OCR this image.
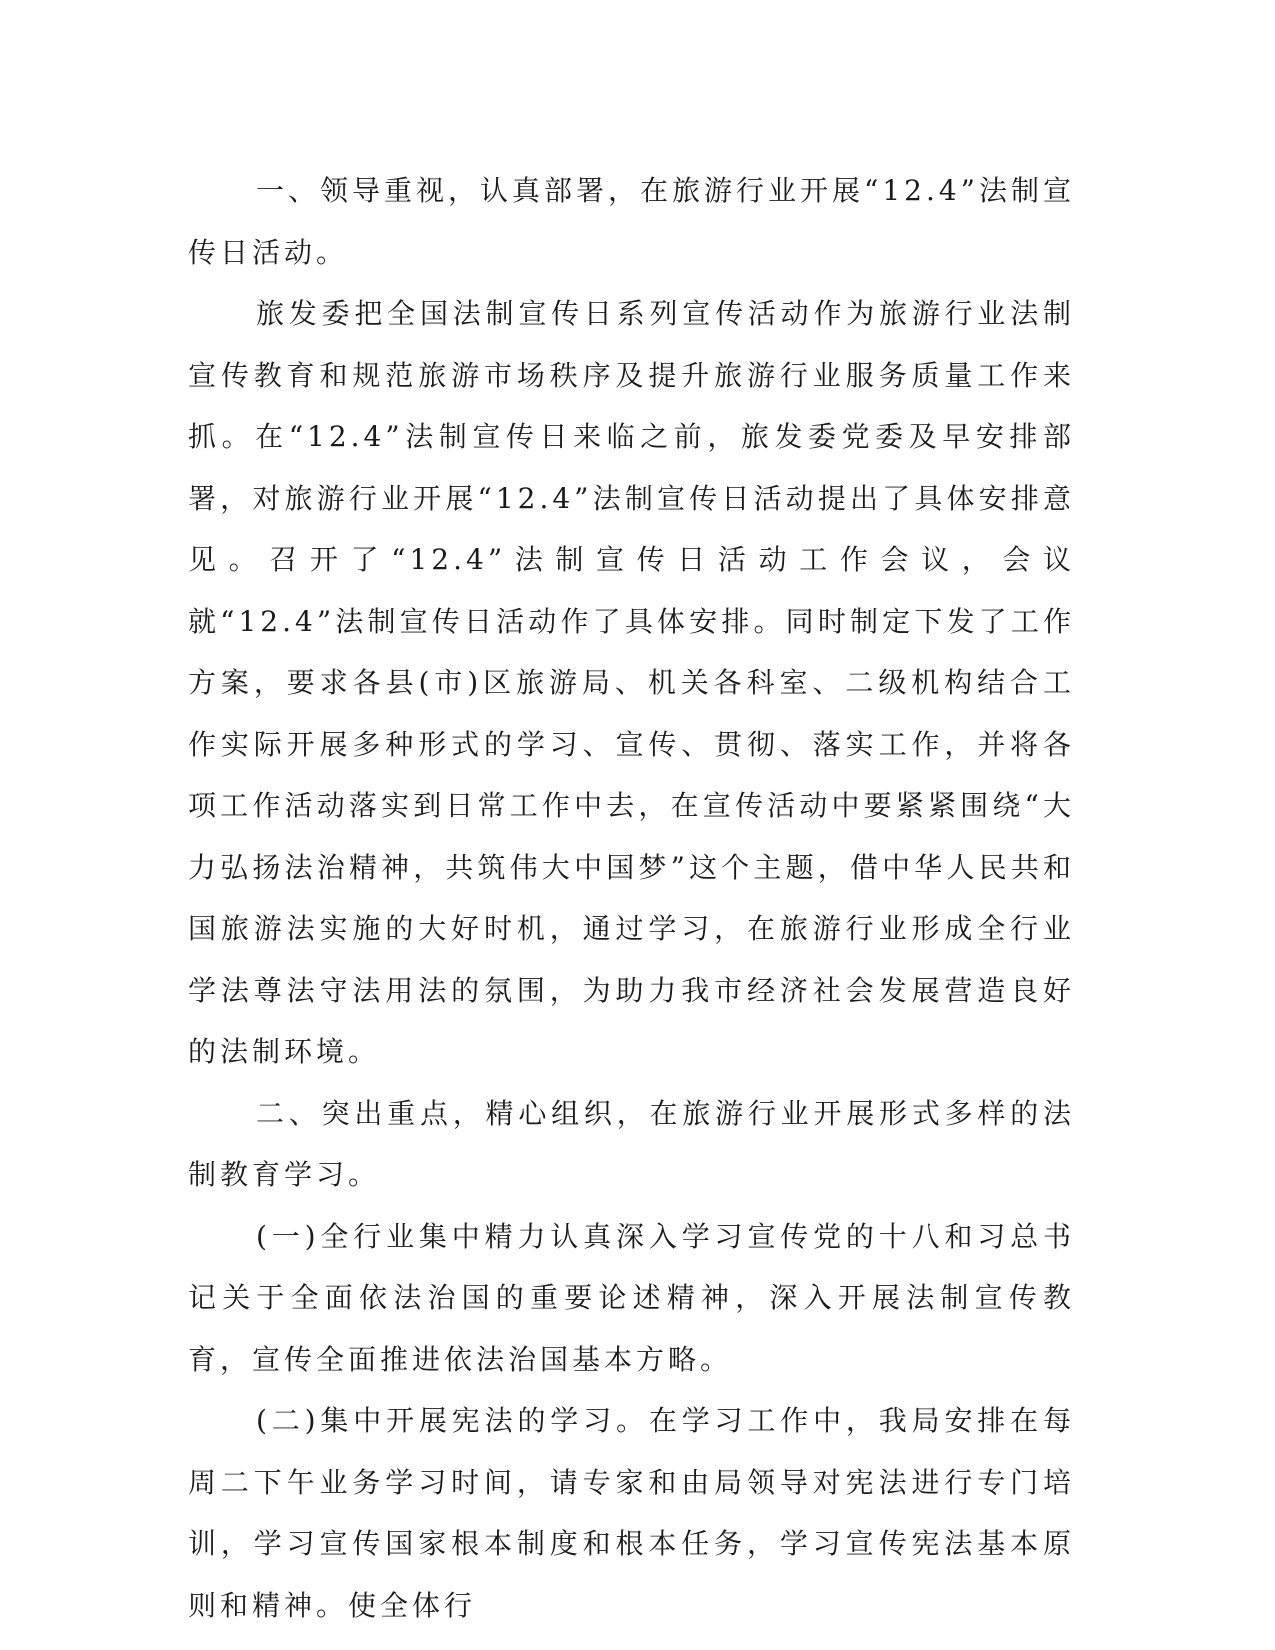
一、领导重视，认真部署，在旅游行业开展“12.4”法制宣传日活动。

旅发委把全国法制宣传日系列宣传活动作为旅游行业法制宣传教育和规范旅游市场秩序及提升旅游行业服务质量工作来抓。在“12.4”法制宣传日来临之前，旅发委党委及早安排部署，对旅游行业开展“12.4”法制宣传日活动提出了具体安排意见。召开了“12.4”法制宣传日活动工作会议，会议就“12.4”法制宣传日活动作了具体安排。同时制定下发了工作方案，要求各县(市)区旅游局、机关各科室、二级机构结合工作实际开展多种形式的学习、宣传、贯彻、落实工作，并将各项工作活动落实到日常工作中去，在宣传活动中要紧紧围绕“大力弘扬法治精神，共筑伟大中国梦”这个主题，借中华人民共和国旅游法实施的大好时机，通过学习，在旅游行业形成全行业学法尊法守法用法的氛围，为助力我市经济社会发展营造良好的法制环境。

二、突出重点，精心组织，在旅游行业开展形式多样的法制教育学习。

(一)全行业集中精力认真深入学习宣传党的十八和习总书记关于全面依法治国的重要论述精神，深入开展法制宣传教育，宣传全面推进依法治国基本方略。

(二)集中开展宪法的学习。在学习工作中，我局安排在每周二下午业务学习时间，请专家和由局领导对宪法进行专门培训，学习宣传国家根本制度和根本任务，学习宣传宪法基本原则和精神。使全体行
